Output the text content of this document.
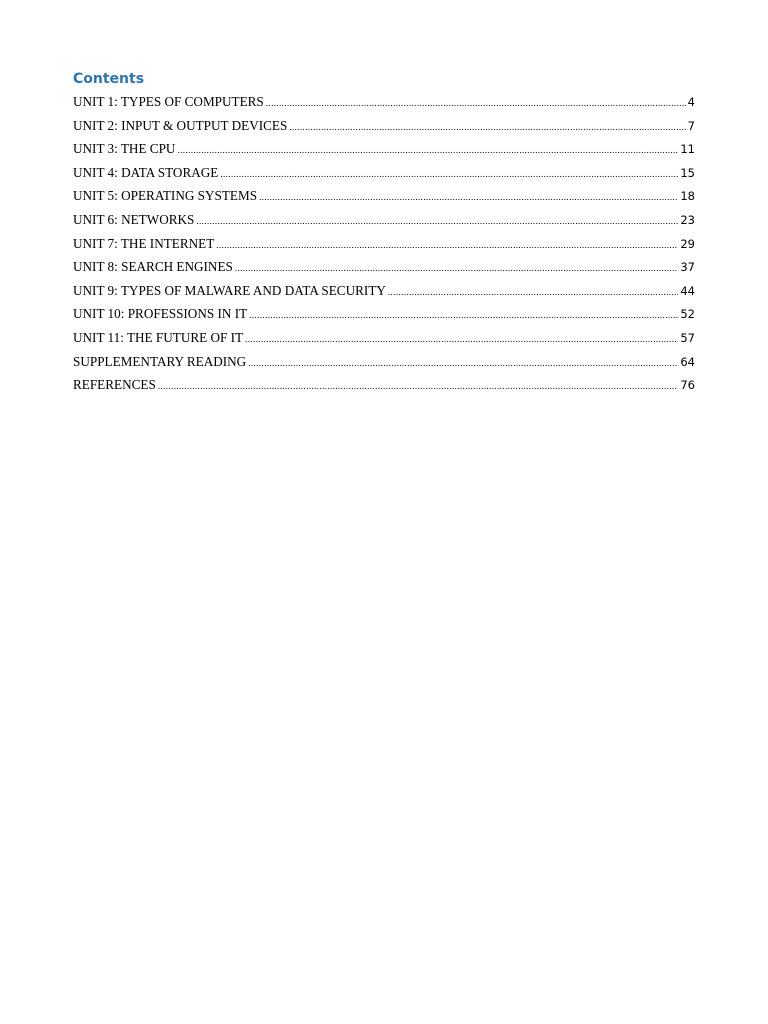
Contents
UNIT 1: TYPES OF COMPUTERS .....	4
UNIT 2: INPUT & OUTPUT DEVICES .....	7
UNIT 3: THE CPU .....	11
UNIT 4: DATA STORAGE .....	15
UNIT 5: OPERATING SYSTEMS .....	18
UNIT 6: NETWORKS .....	23
UNIT 7: THE INTERNET .....	29
UNIT 8: SEARCH ENGINES .....	37
UNIT 9: TYPES OF MALWARE AND DATA SECURITY .....	44
UNIT 10: PROFESSIONS IN IT .....	52
UNIT 11: THE FUTURE OF IT .....	57
SUPPLEMENTARY READING .....	64
REFERENCES .....	76
